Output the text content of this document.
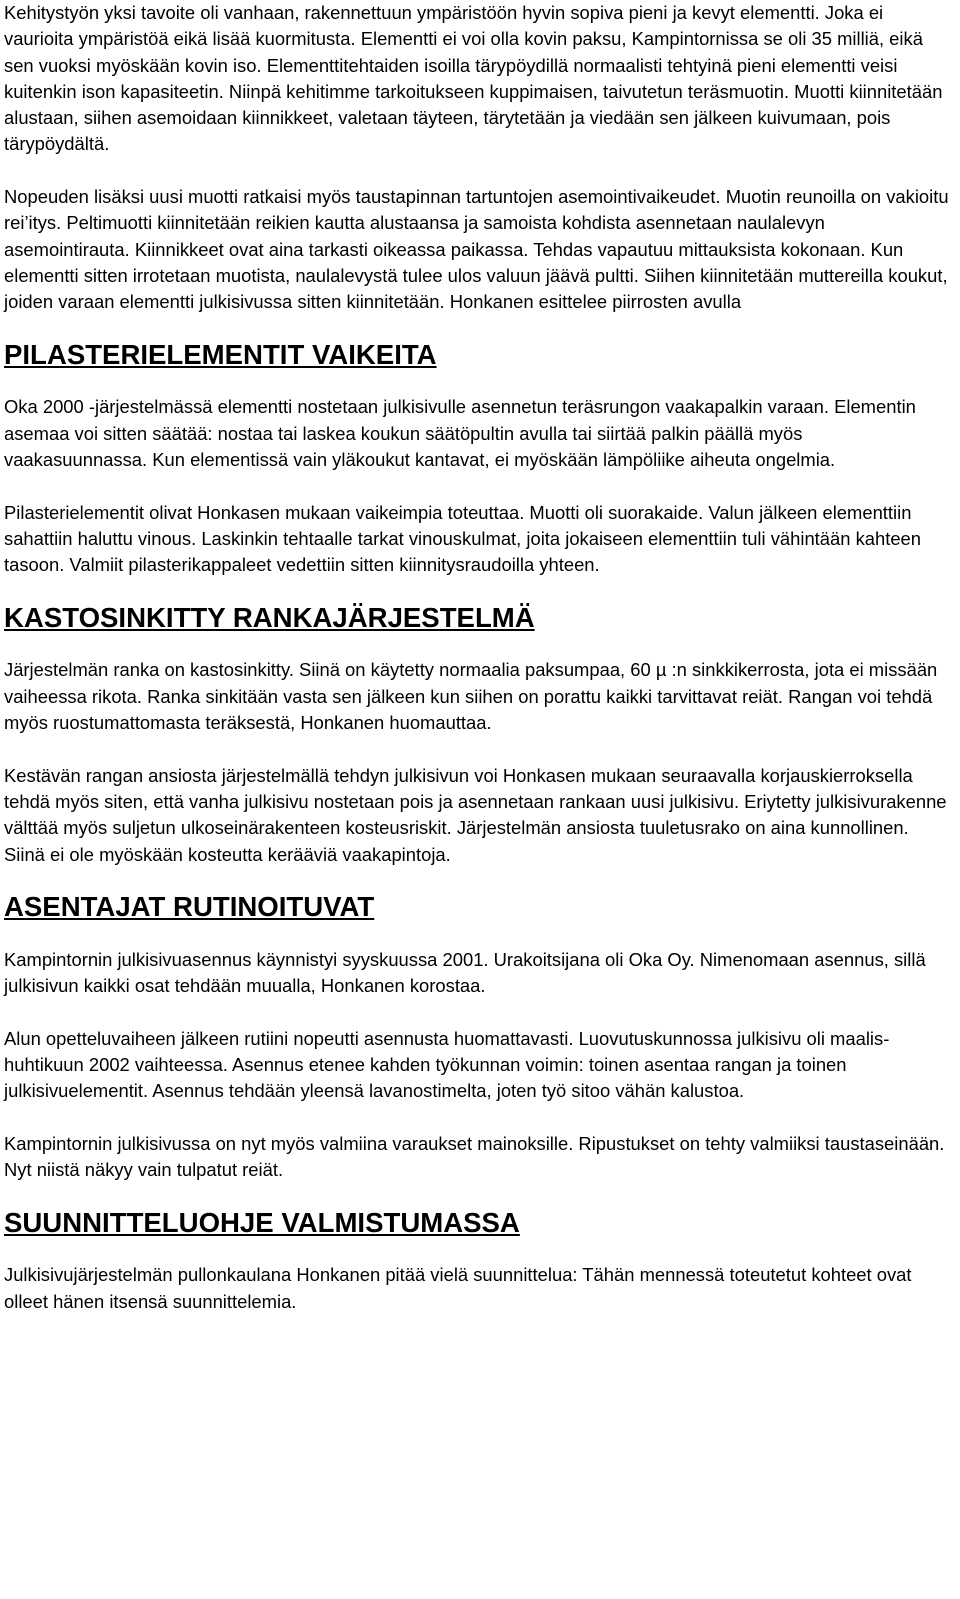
Kehitystyön yksi tavoite oli vanhaan, rakennettuun ympäristöön hyvin sopiva pieni ja kevyt elementti. Joka ei vaurioita ympäristöä eikä lisää kuormitusta. Elementti ei voi olla kovin paksu, Kampintornissa se oli 35 milliä, eikä sen vuoksi myöskään kovin iso. Elementtitehtaiden isoilla tärypöydillä normaalisti tehtyinä pieni elementti veisi kuitenkin ison kapasiteetin. Niinpä kehitimme tarkoitukseen kuppimaisen, taivutetun teräsmuotin. Muotti kiinnitetään alustaan, siihen asemoidaan kiinnikkeet, valetaan täyteen, tärytetään ja viedään sen jälkeen kuivumaan, pois tärypöydältä.

Nopeuden lisäksi uusi muotti ratkaisi myös taustapinnan tartuntojen asemointivaikeudet. Muotin reunoilla on vakioitu rei’itys. Peltimuotti kiinnitetään reikien kautta alustaansa ja samoista kohdista asennetaan naulalevyn asemointirauta. Kiinnikkeet ovat aina tarkasti oikeassa paikassa. Tehdas vapautuu mittauksista kokonaan. Kun elementti sitten irrotetaan muotista, naulalevystä tulee ulos valuun jäävä pultti. Siihen kiinnitetään muttereilla koukut, joiden varaan elementti julkisivussa sitten kiinnitetään. Honkanen esittelee piirrosten avulla

PILASTERIELEMENTIT VAIKEITA

Oka 2000 -järjestelmässä elementti nostetaan julkisivulle asennetun teräsrungon vaakapalkin varaan. Elementin asemaa voi sitten säätää: nostaa tai laskea koukun säätöpultin avulla tai siirtää palkin päällä myös vaakasuunnassa. Kun elementissä vain yläkoukut kantavat, ei myöskään lämpöliike aiheuta ongelmia.

Pilasterielementit olivat Honkasen mukaan vaikeimpia toteuttaa. Muotti oli suorakaide. Valun jälkeen elementtiin sahattiin haluttu vinous. Laskinkin tehtaalle tarkat vinouskulmat, joita jokaiseen elementtiin tuli vähintään kahteen tasoon. Valmiit pilasterikappaleet vedettiin sitten kiinnitysraudoilla yhteen.

KASTOSINKITTY RANKAJÄRJESTELMÄ

Järjestelmän ranka on kastosinkitty. Siinä on käytetty normaalia paksumpaa, 60 µ :n sinkkikerrosta, jota ei missään vaiheessa rikota. Ranka sinkitään vasta sen jälkeen kun siihen on porattu kaikki tarvittavat reiät. Rangan voi tehdä myös ruostumattomasta teräksestä, Honkanen huomauttaa.

Kestävän rangan ansiosta järjestelmällä tehdyn julkisivun voi Honkasen mukaan seuraavalla korjauskierroksella tehdä myös siten, että vanha julkisivu nostetaan pois ja asennetaan rankaan uusi julkisivu. Eriytetty julkisivurakenne välttää myös suljetun ulkoseinärakenteen kosteusriskit. Järjestelmän ansiosta tuuletusrako on aina kunnollinen. Siinä ei ole myöskään kosteutta kerääviä vaakapintoja.

ASENTAJAT RUTINOITUVAT

Kampintornin julkisivuasennus käynnistyi syyskuussa 2001. Urakoitsijana oli Oka Oy. Nimenomaan asennus, sillä julkisivun kaikki osat tehdään muualla, Honkanen korostaa.

Alun opetteluvaiheen jälkeen rutiini nopeutti asennusta huomattavasti. Luovutuskunnossa julkisivu oli maalis-huhtikuun 2002 vaihteessa. Asennus etenee kahden työkunnan voimin: toinen asentaa rangan ja toinen julkisivuelementit. Asennus tehdään yleensä lavanostimelta, joten työ sitoo vähän kalustoa.

Kampintornin julkisivussa on nyt myös valmiina varaukset mainoksille. Ripustukset on tehty valmiiksi taustaseinään. Nyt niistä näkyy vain tulpatut reiät.

SUUNNITTELUOHJE VALMISTUMASSA

Julkisivujärjestelmän pullonkaulana Honkanen pitää vielä suunnittelua: Tähän mennessä toteutetut kohteet ovat olleet hänen itsensä suunnittelemia.
